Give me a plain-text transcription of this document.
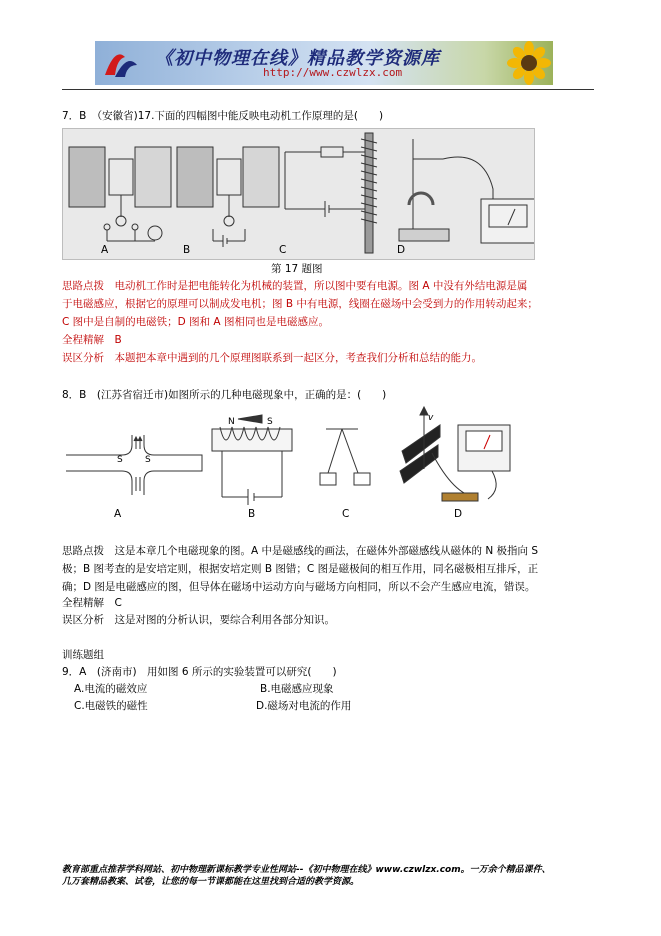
《初中物理在线》精品教学资源库
http://www.czwlzx.com
7．B　（安徽省)17.下面的四幅图中能反映电动机工作原理的是(　　)
A	B	C	D
第 17 题图
思路点拨　电动机工作时是把电能转化为机械的装置，所以图中要有电源。图 A 中没有外结电源是属
于电磁感应，根据它的原理可以制成发电机；图 B 中有电源，线圈在磁场中会受到力的作用转动起来；
C 图中是自制的电磁铁；D 图和 A 图相同也是电磁感应。
全程精解　B
误区分析　本题把本章中遇到的几个原理图联系到一起区分，考查我们分析和总结的能力。
8．B　(江苏省宿迁市)如图所示的几种电磁现象中，正确的是：(　　)
S S
N	S	v
A	B	C	D
思路点拨　这是本章几个电磁现象的图。A 中是磁感线的画法，在磁体外部磁感线从磁体的 N 极指向 S
极；B 图考查的是安培定则，根据安培定则 B 图错；C 图是磁极间的相互作用，同名磁极相互排斥，正
确；D 图是电磁感应的图，但导体在磁场中运动方向与磁场方向相同，所以不会产生感应电流，错误。
全程精解　C
误区分析　这是对图的分析认识，要综合利用各部分知识。
训练题组
9．A　(济南市)　用如图 6 所示的实验装置可以研究(　　)
A.电流的磁效应	B.电磁感应现象
C.电磁铁的磁性	D.磁场对电流的作用
教育部重点推荐学科网站、初中物理新课标教学专业性网站--《初中物理在线》www.czwlzx.com。一万余个精品课件、
几万套精品教案、试卷，让您的每一节课都能在这里找到合适的教学资源。
